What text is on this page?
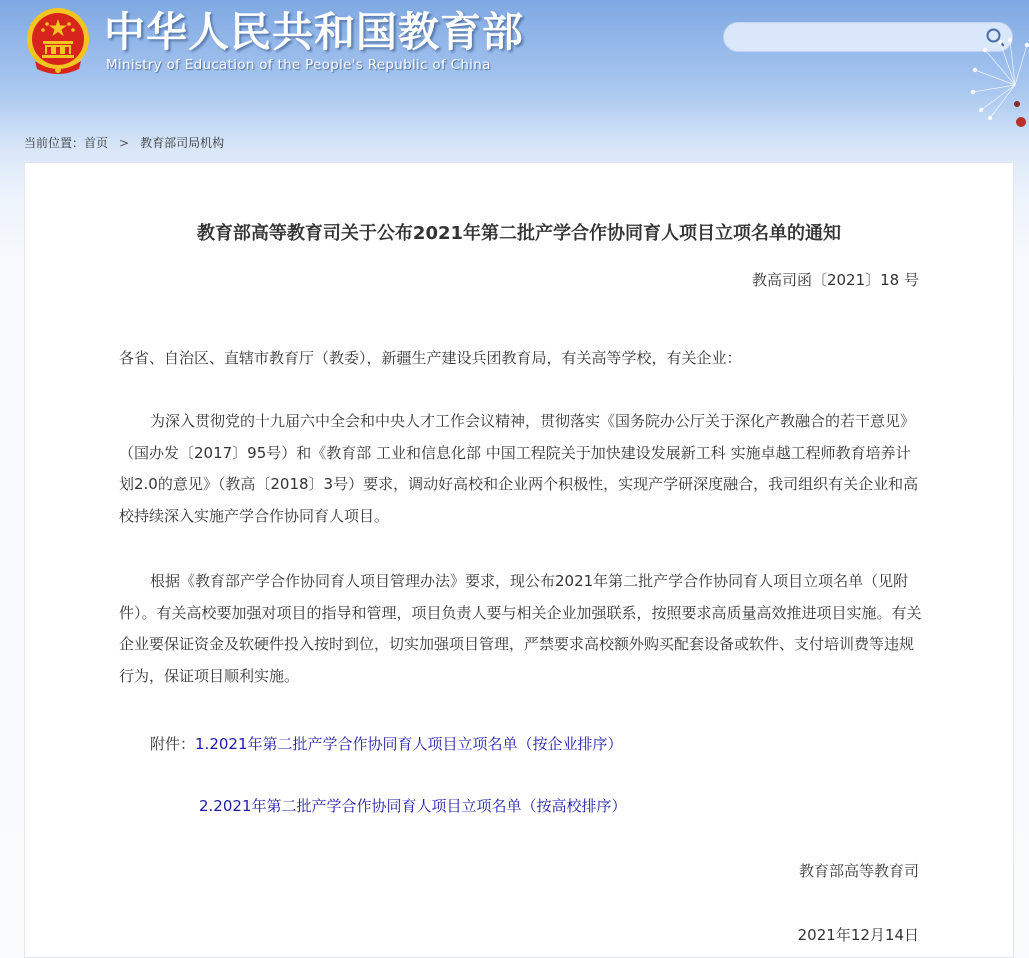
中华人民共和国教育部
Ministry of Education of the People's Republic of China
当前位置：首页 > 教育部司局机构
教育部高等教育司关于公布2021年第二批产学合作协同育人项目立项名单的通知
教高司函〔2021〕18 号

各省、自治区、直辖市教育厅（教委），新疆生产建设兵团教育局，有关高等学校，有关企业：

为深入贯彻党的十九届六中全会和中央人才工作会议精神，贯彻落实《国务院办公厅关于深化产教融合的若干意见》（国办发〔2017〕95号）和《教育部 工业和信息化部 中国工程院关于加快建设发展新工科 实施卓越工程师教育培养计划2.0的意见》（教高〔2018〕3号）要求，调动好高校和企业两个积极性，实现产学研深度融合，我司组织有关企业和高校持续深入实施产学合作协同育人项目。

根据《教育部产学合作协同育人项目管理办法》要求，现公布2021年第二批产学合作协同育人项目立项名单（见附件）。有关高校要加强对项目的指导和管理，项目负责人要与相关企业加强联系，按照要求高质量高效推进项目实施。有关企业要保证资金及软硬件投入按时到位，切实加强项目管理，严禁要求高校额外购买配套设备或软件、支付培训费等违规行为，保证项目顺利实施。

附件：1.2021年第二批产学合作协同育人项目立项名单（按企业排序）
2.2021年第二批产学合作协同育人项目立项名单（按高校排序）
教育部高等教育司
2021年12月14日
